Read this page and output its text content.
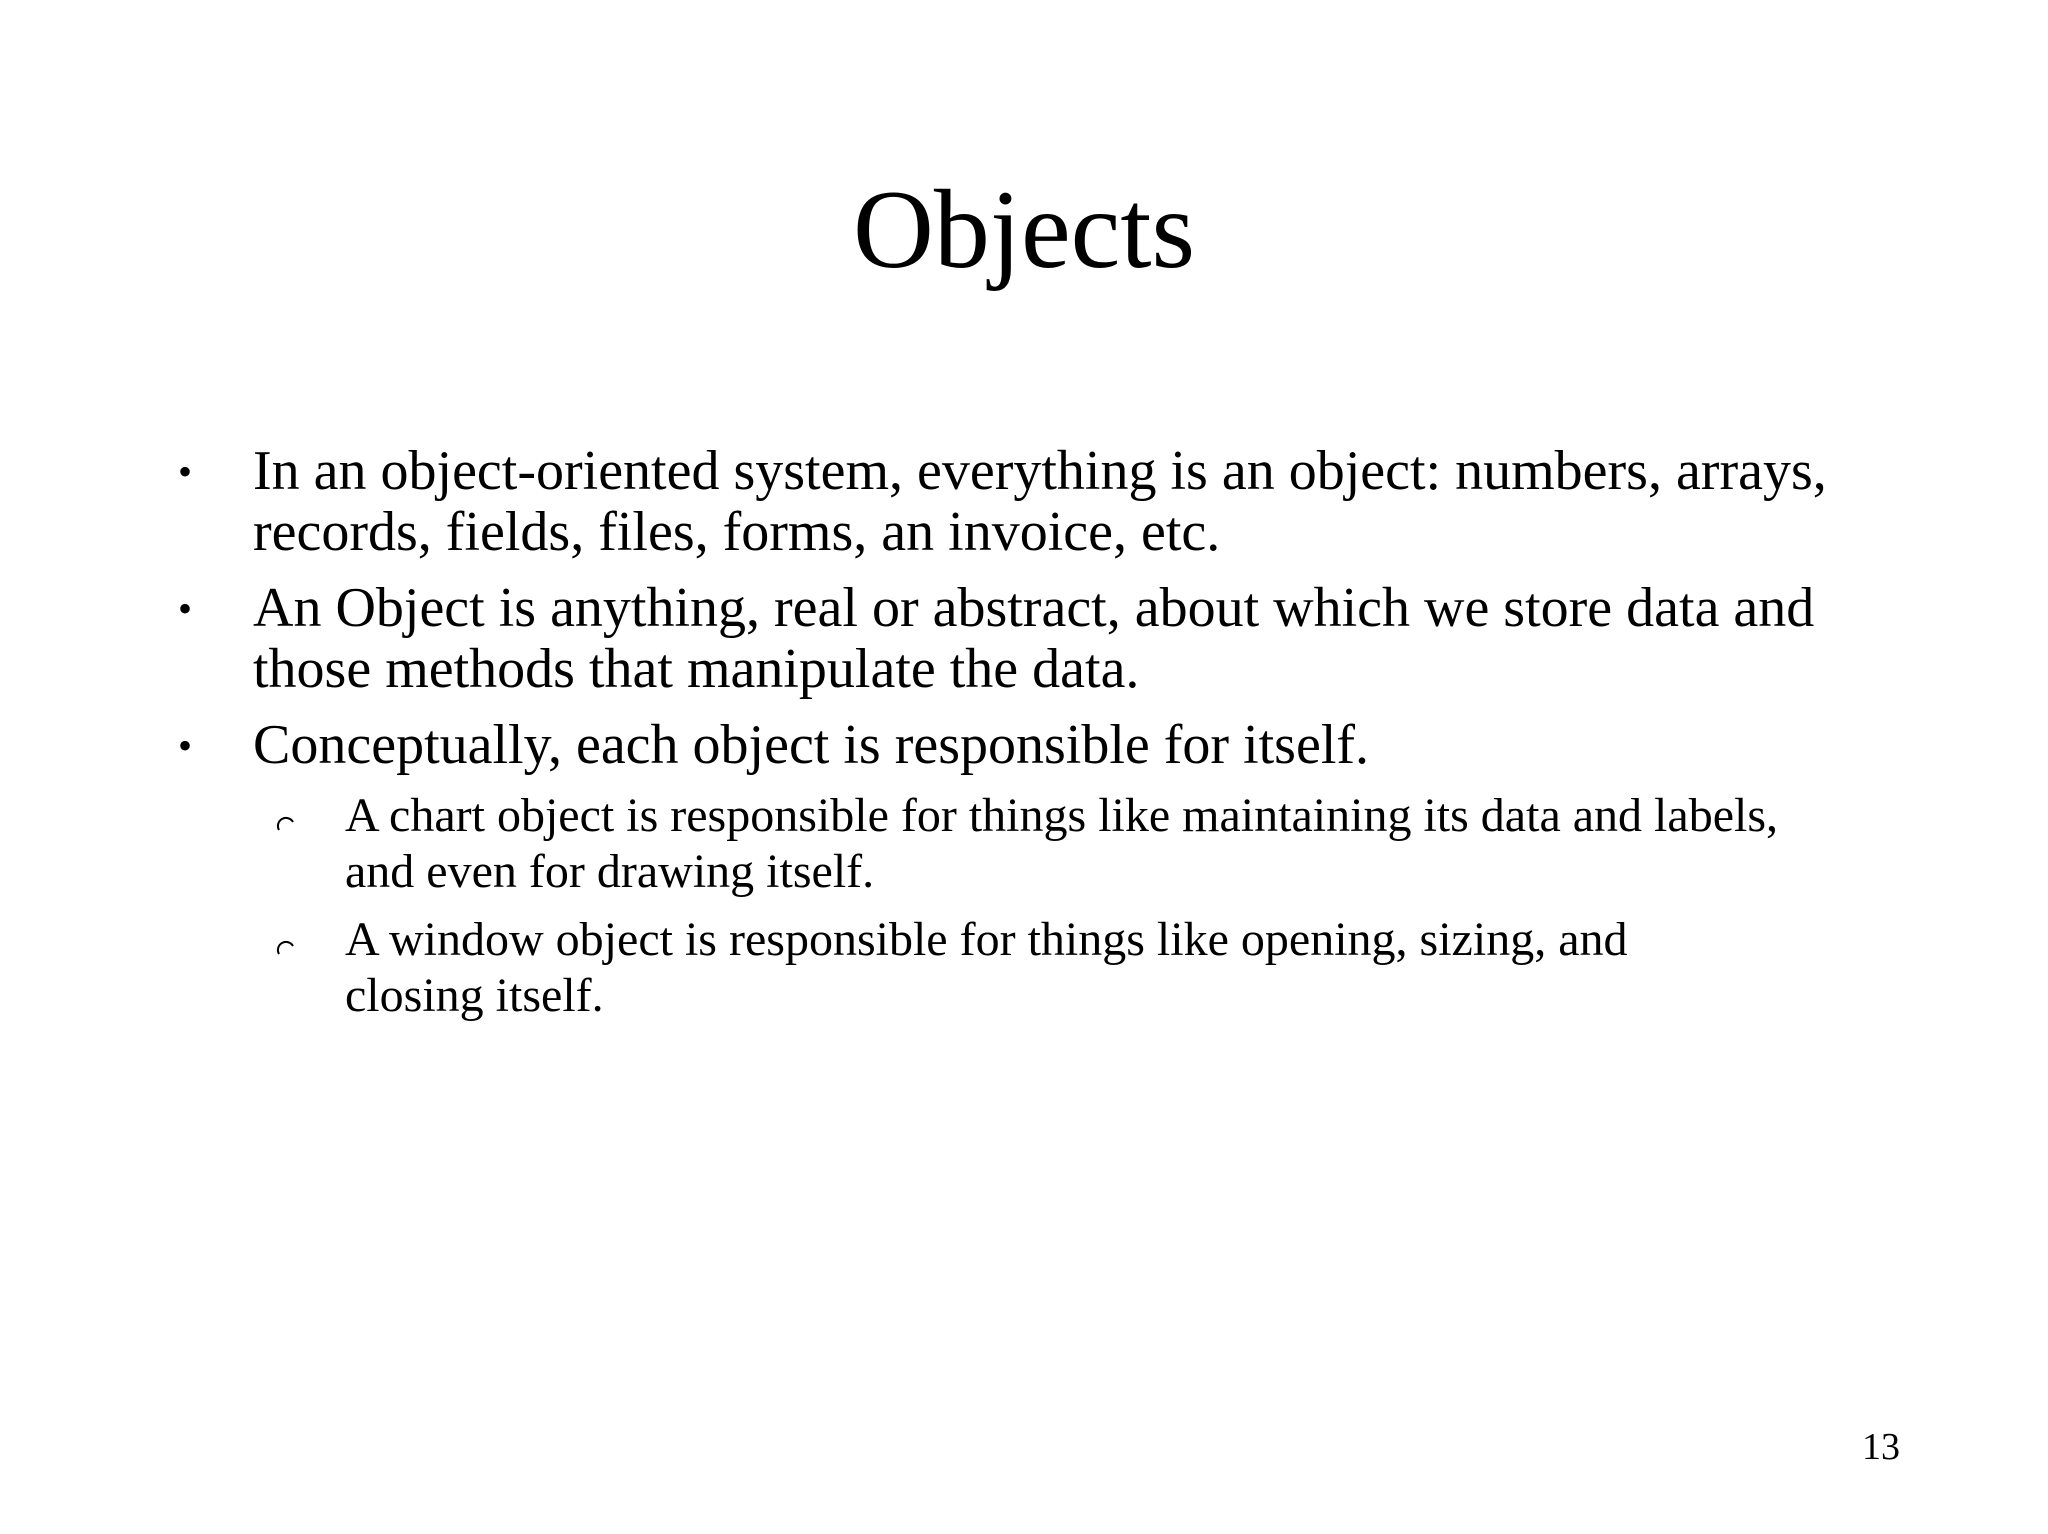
Objects
• In an object-oriented system, everything is an object: numbers, arrays,
records, fields, files, forms, an invoice, etc.
• An Object is anything, real or abstract, about which we store data and
those methods that manipulate the data.
• Conceptually, each object is responsible for itself.
A chart object is responsible for things like maintaining its data and labels,
and even for drawing itself.
A window object is responsible for things like opening, sizing, and
closing itself.
13
